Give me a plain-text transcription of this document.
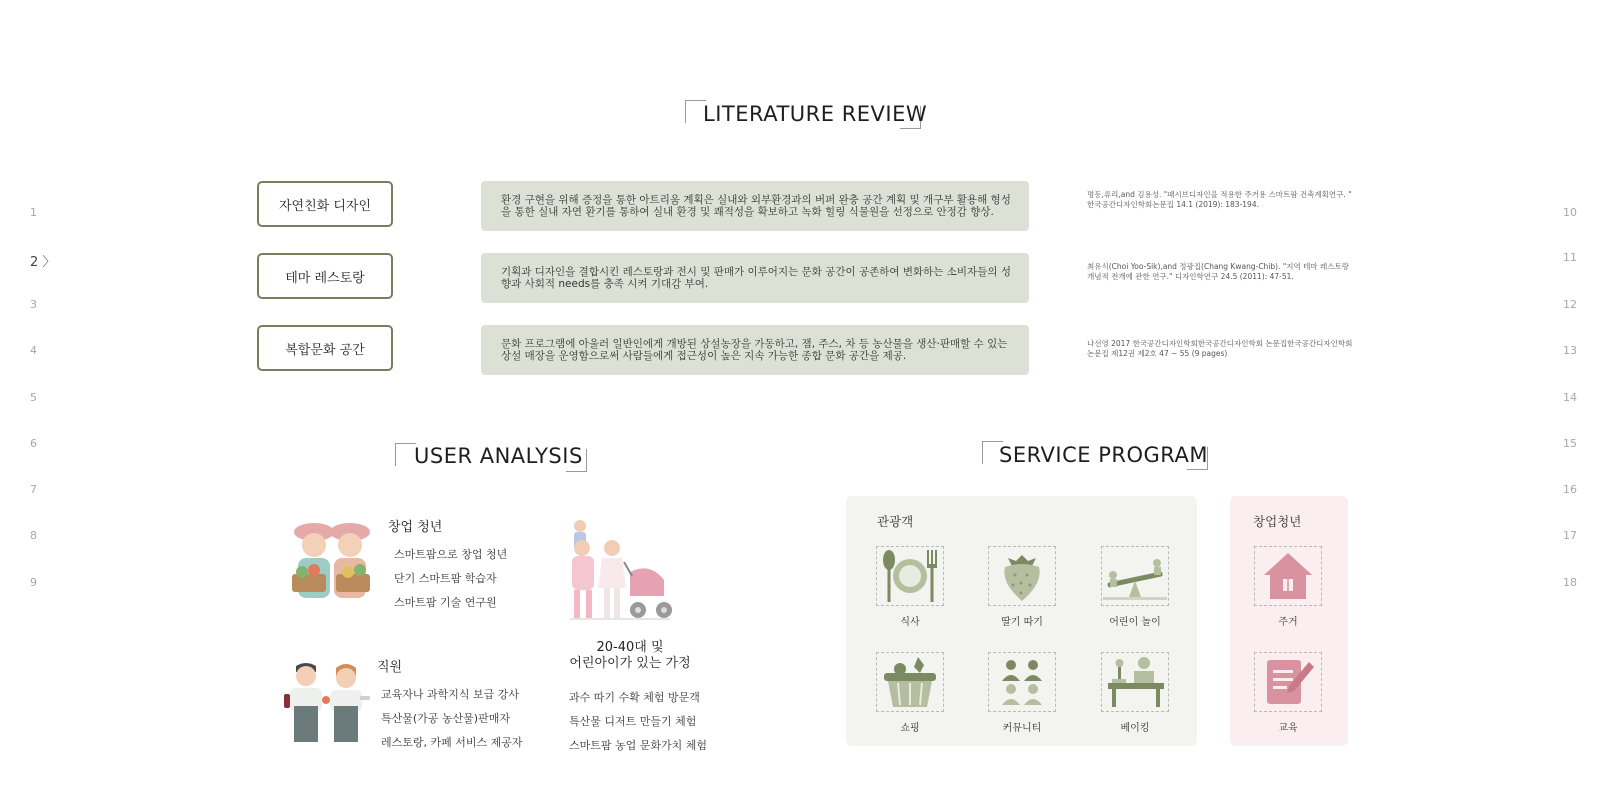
1
2 〉
3
4
5
6
7
8
9
10
11
12
13
14
15
16
17
18
LITERATURE REVIEW
자연친화 디자인	환경 구현을 위해 증정을 통한 아트리움 계획은 실내와 외부환경과의 버퍼 완충 공간 계획 및 개구부 활용해 형성을 통한 실내 자연 환기를 통하여 실내 환경 및 쾌적성을 확보하고 녹화 힐링 식물원을 선정으로 안정감 향상.
명동,류리,and 김용성. "패시브디자인을 적용한 주거용 스마트팜 건축계획연구. " 한국공간디자인학회논문집 14.1 (2019): 183-194.
테마 레스토랑	기획과 디자인을 결합시킨 레스토랑과 전시 및 판매가 이루어지는 문화 공간이 공존하여 변화하는 소비자들의 성향과 사회적 needs를 충족 시켜 기대감 부여.
최유식(Choi Yoo-Sik),and 정광집(Chang Kwang-Chib). "지역 테마 레스토랑 개념적 전개에 관한 연구." 디자인학연구 24.5 (2011): 47-51.
복합문화 공간	문화 프로그램에 아울러 일반인에게 개방된 상설농장을 가동하고, 잼, 주스, 차 등 농산물을 생산·판매할 수 있는 상설 매장을 운영함으로써 사람들에게 접근성이 높은 지속 가능한 종합 문화 공간을 제공.
나선영 2017 한국공간디자인학회한국공간디자인학회 논문집한국공간디자인학회 논문집 제12권 제2호 47 ~ 55 (9 pages)
USER ANALYSIS
창업 청년
스마트팜으로 창업 청년
단기 스마트팜 학습자
스마트팜 기술 연구원
20-40대 및
어린아이가 있는 가정
과수 따기 수확 체험 방문객
특산물 디저트 만들기 체험
스마트팜 농업 문화가치 체험
직원
교육자나 과학지식 보급 강사
특산물(가공 농산물)판매자
레스토랑, 카페 서비스 제공자
SERVICE PROGRAM
관광객	창업청년
식사	딸기 따기	어린이 놀이
쇼핑	커뮤니티	베이킹
주거
교육
